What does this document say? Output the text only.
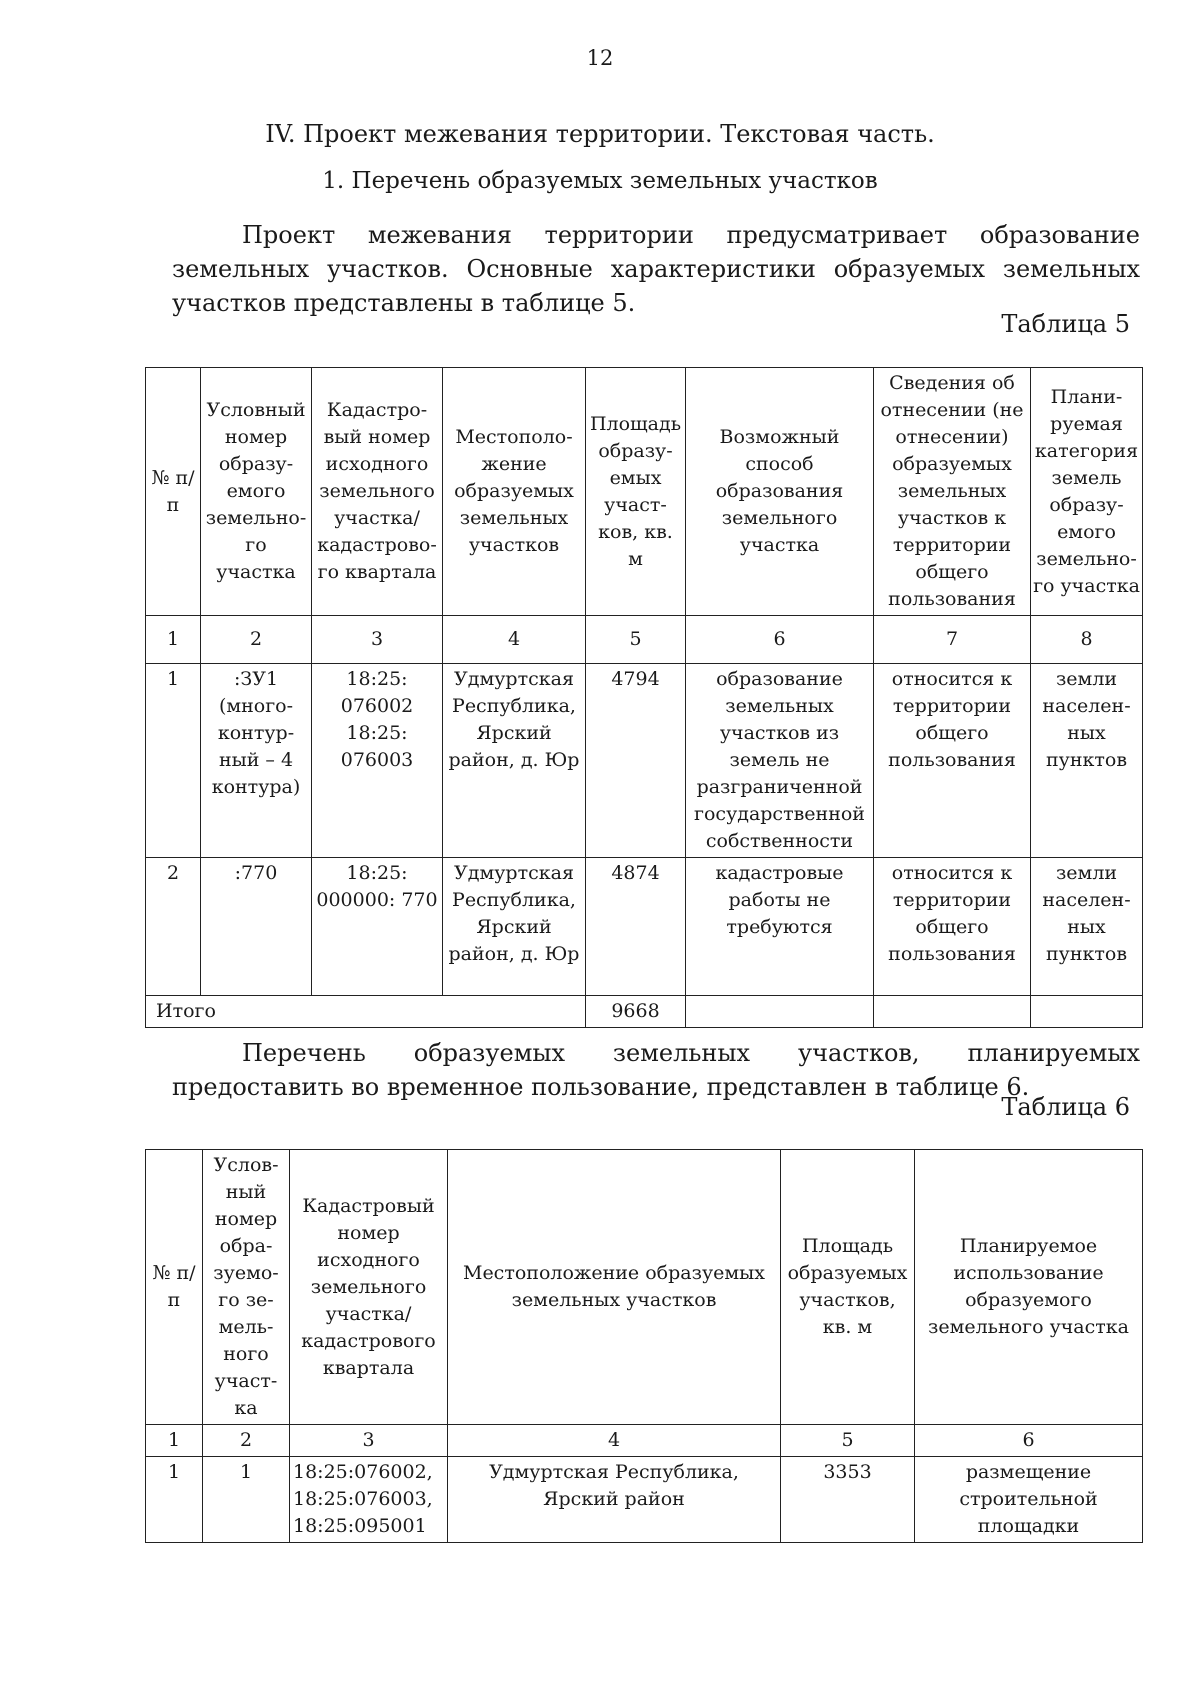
12
IV. Проект межевания территории. Текстовая часть.
1. Перечень образуемых земельных участков
Проект межевания территории предусматривает образование земельных участков. Основные характеристики образуемых земельных участков представлены в таблице 5.
Таблица 5
№ п/п	Условный номер образу-емого земельно-го участка	Кадастро-вый номер исходного земельного участка/ кадастрово-го квартала	Местополо-жение образуемых земельных участков	Площадь образу-емых участ-ков, кв. м	Возможный способ образования земельного участка	Сведения об отнесении (не отнесении) образуемых земельных участков к территории общего пользования	Плани-руемая категория земель образу-емого земельно-го участка
1	2	3	4	5	6	7	8
1	:ЗУ1 (много-контур-ный – 4 контура)	18:25: 076002 18:25: 076003	Удмуртская Республика, Ярский район, д. Юр	4794	образование земельных участков из земель не разграниченной государственной собственности	относится к территории общего пользования	земли населен-ных пунктов
2	:770	18:25: 000000: 770	Удмуртская Республика, Ярский район, д. Юр	4874	кадастровые работы не требуются	относится к территории общего пользования	земли населен-ных пунктов
Итого				9668			
Перечень образуемых земельных участков, планируемых предоставить во временное пользование, представлен в таблице 6.
Таблица 6
№ п/п	Услов-ный номер обра-зуемо-го зе-мель-ного участ-ка	Кадастровый номер исходного земельного участка/ кадастрового квартала	Местоположение образуемых земельных участков	Площадь образуемых участков, кв. м	Планируемое использование образуемого земельного участка
1	2	3	4	5	6
1	1	18:25:076002, 18:25:076003, 18:25:095001	Удмуртская Республика, Ярский район	3353	размещение строительной площадки
